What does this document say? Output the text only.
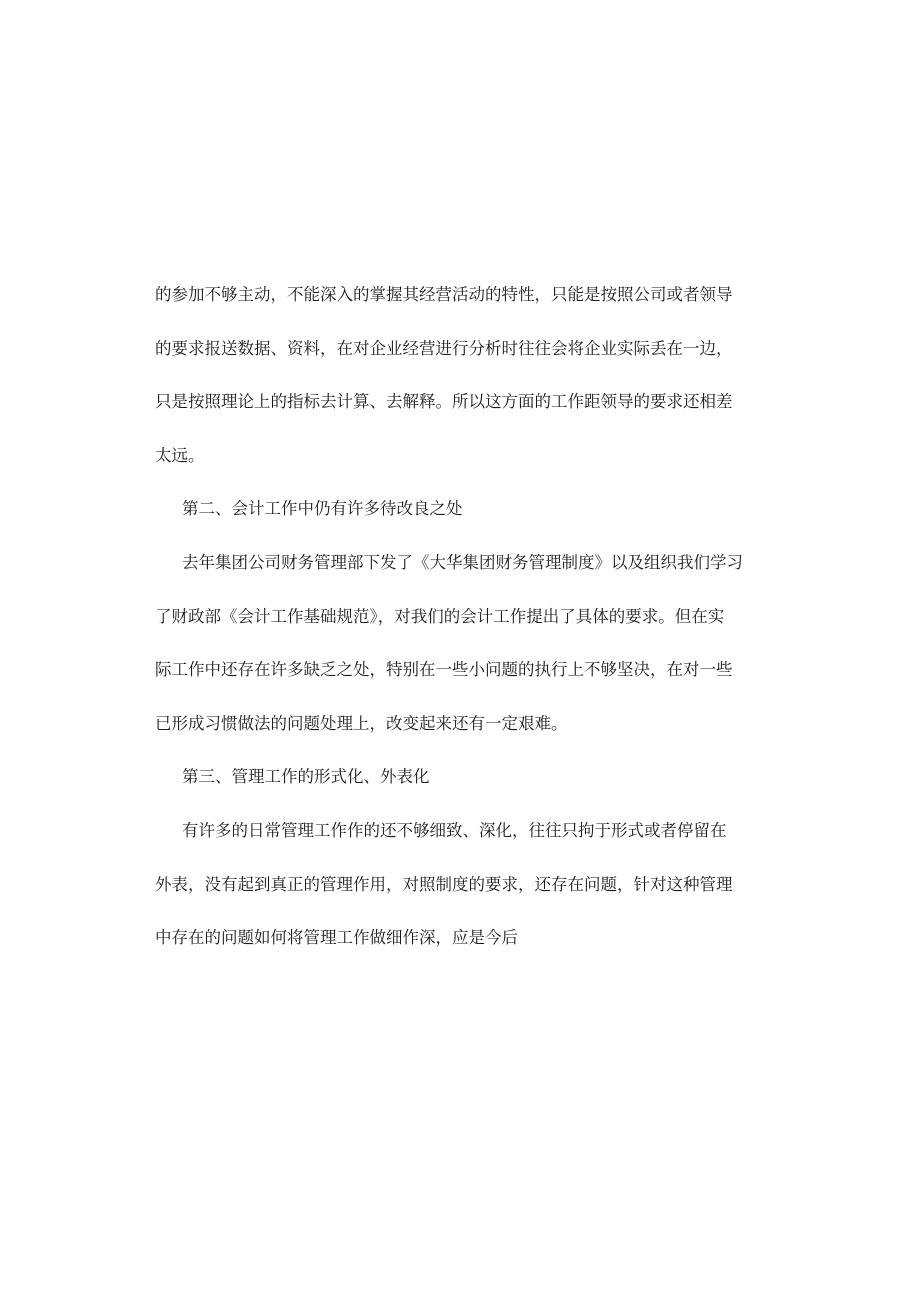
的参加不够主动，不能深入的掌握其经营活动的特性，只能是按照公司或者领导
的要求报送数据、资料，在对企业经营进行分析时往往会将企业实际丢在一边，
只是按照理论上的指标去计算、去解释。所以这方面的工作距领导的要求还相差
太远。
第二、会计工作中仍有许多待改良之处
去年集团公司财务管理部下发了《大华集团财务管理制度》以及组织我们学习
了财政部《会计工作基础规范》，对我们的会计工作提出了具体的要求。但在实
际工作中还存在许多缺乏之处，特别在一些小问题的执行上不够坚决，在对一些
已形成习惯做法的问题处理上，改变起来还有一定艰难。
第三、管理工作的形式化、外表化
有许多的日常管理工作作的还不够细致、深化，往往只拘于形式或者停留在
外表，没有起到真正的管理作用，对照制度的要求，还存在问题，针对这种管理
中存在的问题如何将管理工作做细作深，应是今后
